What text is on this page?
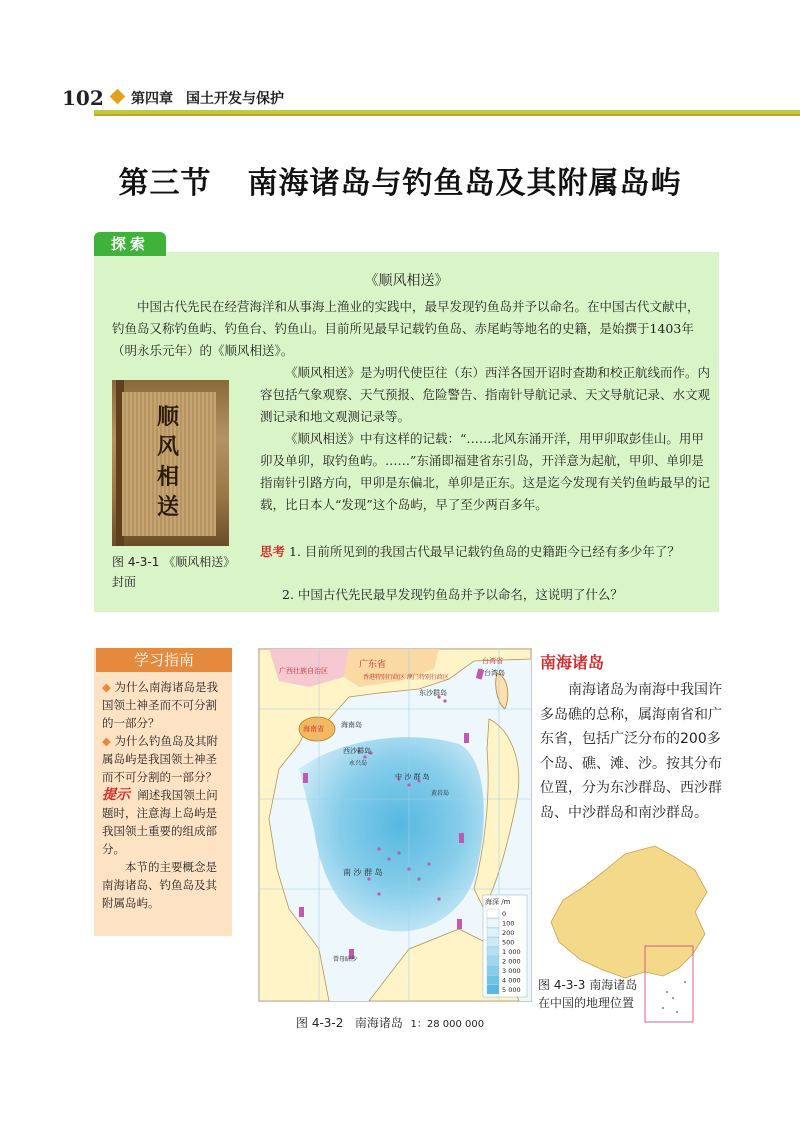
102 第四章 国土开发与保护
第三节 南海诸岛与钓鱼岛及其附属岛屿
探索
《顺风相送》

中国古代先民在经营海洋和从事海上渔业的实践中，最早发现钓鱼岛并予以命名。在中国古代文献中，钓鱼岛又称钓鱼屿、钓鱼台、钓鱼山。目前所见最早记载钓鱼岛、赤尾屿等地名的史籍，是始撰于1403年（明永乐元年）的《顺风相送》。

《顺风相送》是为明代使臣往（东）西洋各国开诏时查勘和校正航线而作。内容包括气象观察、天气预报、危险警告、指南针导航记录、天文导航记录、水文观测记录和地文观测记录等。

《顺风相送》中有这样的记载：“……北风东涌开洋，用甲卯取彭佳山。用甲卯及单卯，取钓鱼屿。……”东涌即福建省东引岛，开洋意为起航，甲卯、单卯是指南针引路方向，甲卯是东偏北，单卯是正东。这是迄今发现有关钓鱼屿最早的记载，比日本人“发现”这个岛屿，早了至少两百多年。

顺风相送
图 4-3-1 《顺风相送》封面
思考 1. 目前所见到的我国古代最早记载钓鱼岛的史籍距今已经有多少年了？
2. 中国古代先民最早发现钓鱼岛并予以命名，这说明了什么？
学习指南
◆ 为什么南海诸岛是我国领土神圣而不可分割的一部分？
◆ 为什么钓鱼岛及其附属岛屿是我国领土神圣而不可分割的一部分？
提示 阐述我国领土问题时，注意海上岛屿是我国领土重要的组成部分。
本节的主要概念是南海诸岛、钓鱼岛及其附属岛屿。
广西壮族自治区
广东省
香港特别行政区 澳门特别行政区
台湾省
台湾岛
东沙群岛
海南省 海南岛
西沙群岛
永兴岛
中 沙 群 岛
黄岩岛
南 沙 群 岛
曾母暗沙
海深 /m
0
100
200
500
1 000
2 000
3 000
4 000
5 000
图 4-3-2 南海诸岛 1：28 000 000
南海诸岛

南海诸岛为南海中我国许多岛礁的总称，属海南省和广东省，包括广泛分布的200多个岛、礁、滩、沙。按其分布位置，分为东沙群岛、西沙群岛、中沙群岛和南沙群岛。

图 4-3-3 南海诸岛在中国的地理位置
